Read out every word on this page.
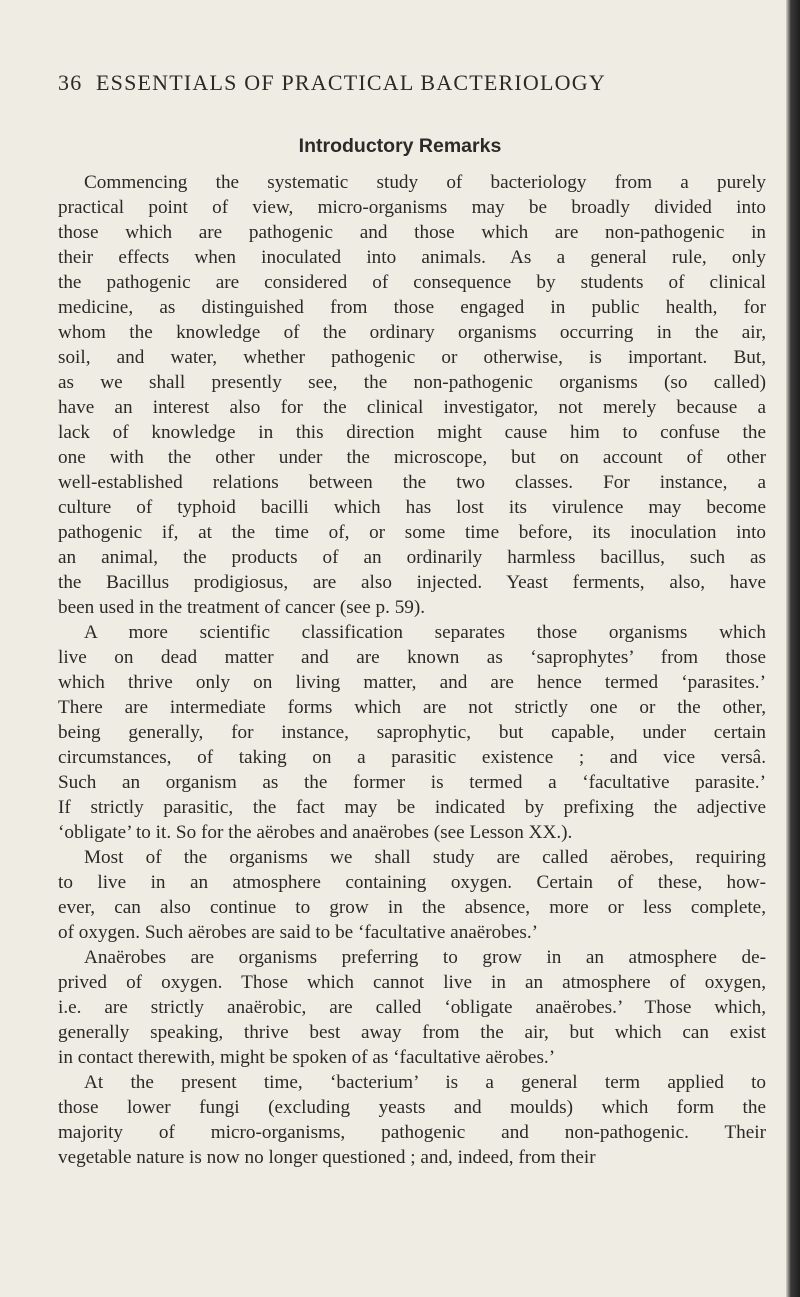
36 ESSENTIALS OF PRACTICAL BACTERIOLOGY
Introductory Remarks
Commencing the systematic study of bacteriology from a purely
practical point of view, micro-organisms may be broadly divided into
those which are pathogenic and those which are non-pathogenic in
their effects when inoculated into animals. As a general rule, only
the pathogenic are considered of consequence by students of clinical
medicine, as distinguished from those engaged in public health, for
whom the knowledge of the ordinary organisms occurring in the air,
soil, and water, whether pathogenic or otherwise, is important. But,
as we shall presently see, the non-pathogenic organisms (so called)
have an interest also for the clinical investigator, not merely because a
lack of knowledge in this direction might cause him to confuse the
one with the other under the microscope, but on account of other
well-established relations between the two classes. For instance, a
culture of typhoid bacilli which has lost its virulence may become
pathogenic if, at the time of, or some time before, its inoculation into
an animal, the products of an ordinarily harmless bacillus, such as
the Bacillus prodigiosus, are also injected. Yeast ferments, also, have
been used in the treatment of cancer (see p. 59).
A more scientific classification separates those organisms which
live on dead matter and are known as ‘saprophytes’ from those
which thrive only on living matter, and are hence termed ‘parasites.’
There are intermediate forms which are not strictly one or the other,
being generally, for instance, saprophytic, but capable, under certain
circumstances, of taking on a parasitic existence ; and vice versâ.
Such an organism as the former is termed a ‘facultative parasite.’
If strictly parasitic, the fact may be indicated by prefixing the adjective
‘obligate’ to it. So for the aërobes and anaërobes (see Lesson XX.).
Most of the organisms we shall study are called aërobes, requiring
to live in an atmosphere containing oxygen. Certain of these, how-
ever, can also continue to grow in the absence, more or less complete,
of oxygen. Such aërobes are said to be ‘facultative anaërobes.’
Anaërobes are organisms preferring to grow in an atmosphere de-
prived of oxygen. Those which cannot live in an atmosphere of oxygen,
i.e. are strictly anaërobic, are called ‘obligate anaërobes.’ Those which,
generally speaking, thrive best away from the air, but which can exist
in contact therewith, might be spoken of as ‘facultative aërobes.’
At the present time, ‘bacterium’ is a general term applied to
those lower fungi (excluding yeasts and moulds) which form the
majority of micro-organisms, pathogenic and non-pathogenic. Their
vegetable nature is now no longer questioned ; and, indeed, from their
